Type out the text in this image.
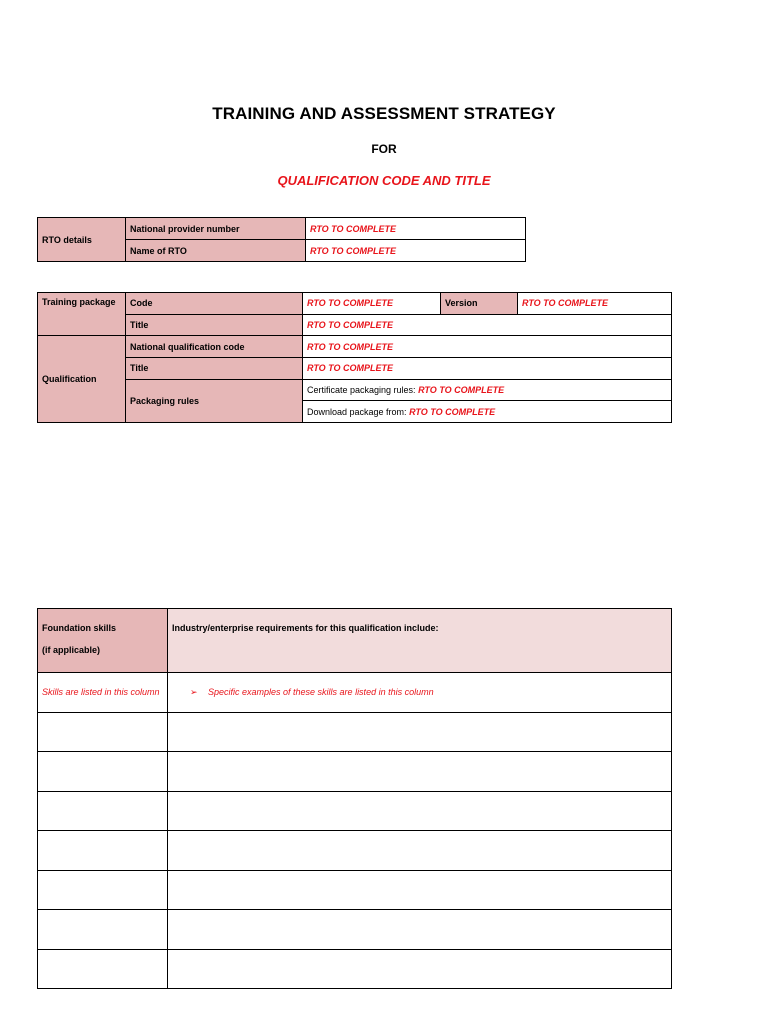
TRAINING AND ASSESSMENT STRATEGY
FOR
QUALIFICATION CODE AND TITLE
RTO details	National provider number	RTO TO COMPLETE
	Name of RTO	RTO TO COMPLETE
Training package	Code	RTO TO COMPLETE	Version	RTO TO COMPLETE
	Title	RTO TO COMPLETE		
Qualification	National qualification code	RTO TO COMPLETE		
	Title	RTO TO COMPLETE		
	Packaging rules	Certificate packaging rules: RTO TO COMPLETE		
		Download package from: RTO TO COMPLETE		
Foundation skills
(if applicable)	Industry/enterprise requirements for this qualification include:
Skills are listed in this column	➢ Specific examples of these skills are listed in this column
